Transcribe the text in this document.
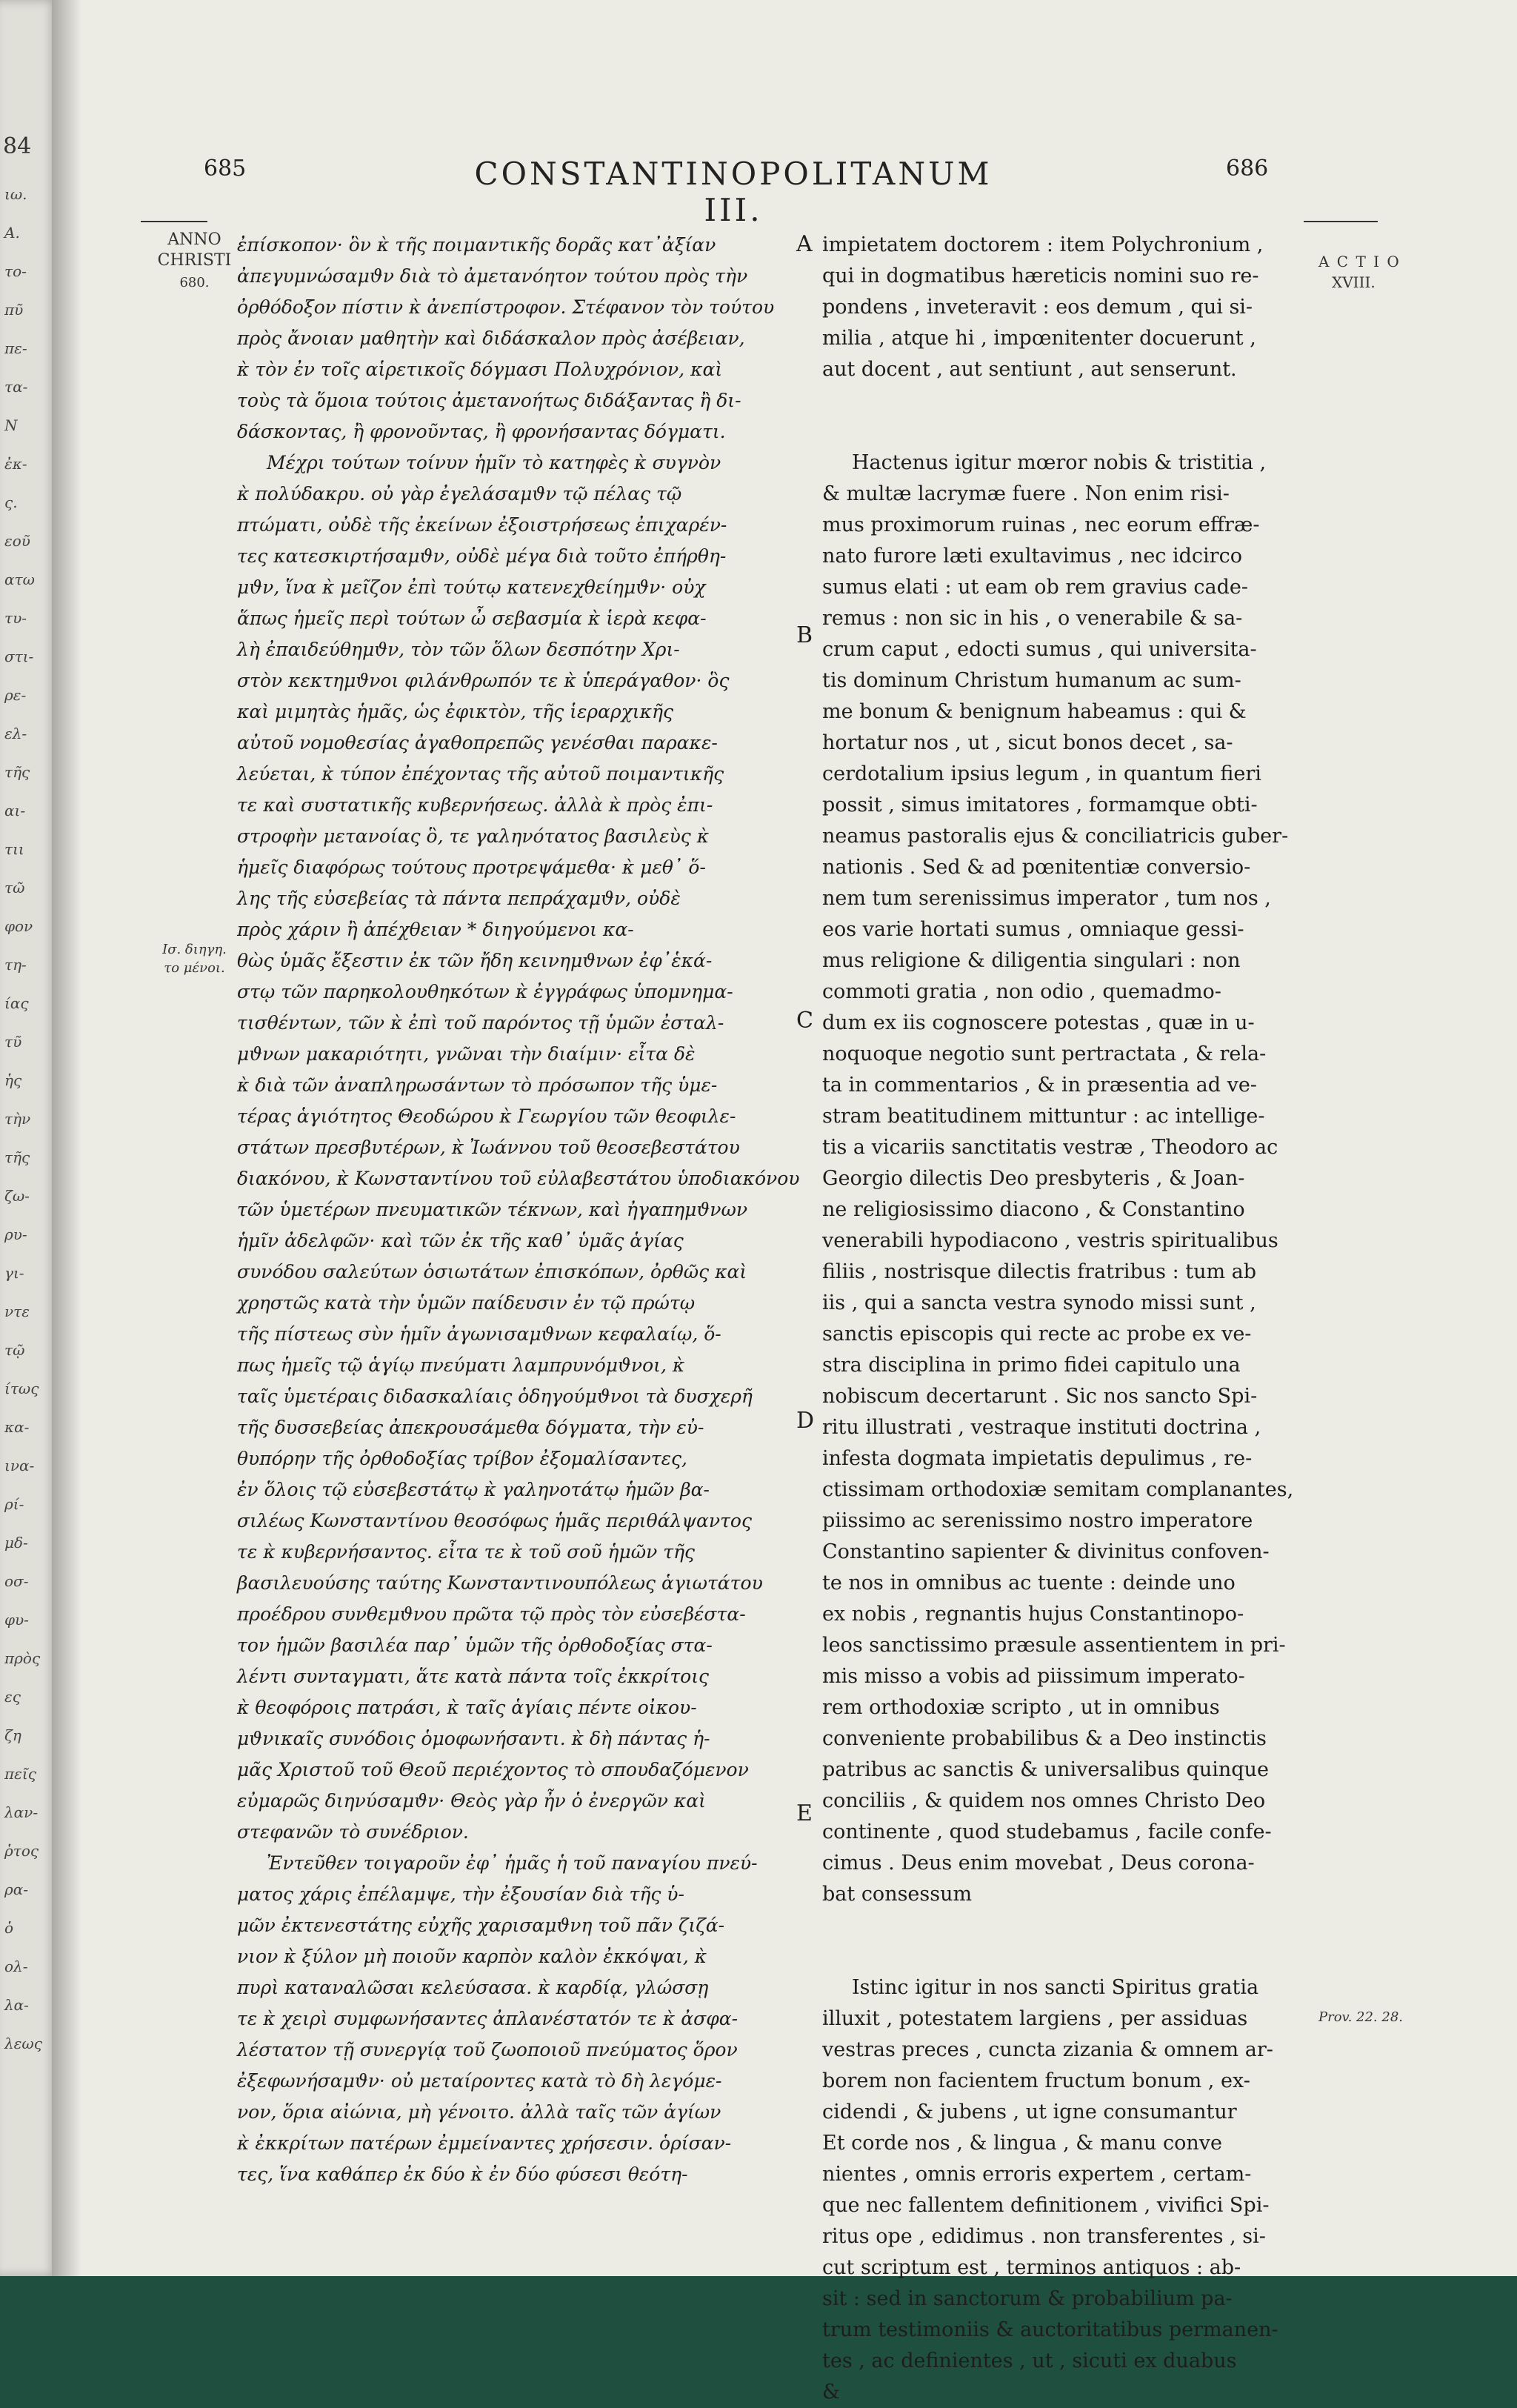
84
ιω.
Α.
το-
πῦ
πε-
τα-
N
ἐκ-
ς.
εοῦ
ατω
τυ-
στι-
ρε-
ελ-
τῆς
αι-
τιι
τῶ
φον
τη-
ίας
τῦ
ἡς
τὴν
τῆς
ζω-
ρυ-
γι-
ντε
τῷ
ίτως
κα-
ινα-
ρί-
μδ-
οσ-
φυ-
πρὸς
ες
ζη
πεῖς
λαν-
ῥτος
ρα-
ὁ
ολ-
λα-
λεως
685	CONSTANTINOPOLITANUM III.
686
ANNO
CHRISTI
680.
A C T I O
XVIII.
Iσ. διηγη.
το μένοι.
Prov. 22. 28.
A
B
C
D
E
ἐπίσκοπον· ὃν κ̀ τῆς ποιμαντικῆς δορᾶς κατ᾽ἀξίαν
ἀπεγυμνώσαμϑν διὰ τὸ ἀμετανόητον τούτου πρὸς τὴν
ὀρθόδοξον πίστιν κ̀ ἀνεπίστροφον. Στέφανον τὸν τούτου
πρὸς ἄνοιαν μαθητὴν καὶ διδάσκαλον πρὸς ἀσέβειαν,
κ̀ τὸν ἐν τοῖς αἱρετικοῖς δόγμασι Πολυχρόνιον, καὶ
τοὺς τὰ ὅμοια τούτοις ἀμετανοήτως διδάξαντας ἢ δι-
δάσκοντας, ἢ φρονοῦντας, ἢ φρονήσαντας δόγματι.
Μέχρι τούτων τοίνυν ἡμῖν τὸ κατηφὲς κ̀ συγνὸν
κ̀ πολύδακρυ. οὐ γὰρ ἐγελάσαμϑν τῷ πέλας τῷ
πτώματι, οὐδὲ τῆς ἐκείνων ἐξοιστρήσεως ἐπιχαρέν-
τες κατεσκιρτήσαμϑν, οὐδὲ μέγα διὰ τοῦτο ἐπήρθη-
μϑν, ἵνα κ̀ μεῖζον ἐπὶ τούτῳ κατενεχθείημϑν· οὐχ
ἅπως ἡμεῖς περὶ τούτων ὦ σεβασμία κ̀ ἱερὰ κεφα-
λὴ ἐπαιδεύθημϑν, τὸν τῶν ὅλων δεσπότην Χρι-
στὸν κεκτημϑνοι φιλάνθρωπόν τε κ̀ ὑπεράγαθον· ὃς
καὶ μιμητὰς ἡμᾶς, ὡς ἐφικτὸν, τῆς ἱεραρχικῆς
αὐτοῦ νομοθεσίας ἀγαθοπρεπῶς γενέσθαι παρακε-
λεύεται, κ̀ τύπον ἐπέχοντας τῆς αὐτοῦ ποιμαντικῆς
τε καὶ συστατικῆς κυβερνήσεως. ἀλλὰ κ̀ πρὸς ἐπι-
στροφὴν μετανοίας ὃ, τε γαληνότατος βασιλεὺς κ̀
ἡμεῖς διαφόρως τούτους προτρεψάμεθα· κ̀ μεθ᾽ ὅ-
λης τῆς εὐσεβείας τὰ πάντα πεπράχαμϑν, οὐδὲ
πρὸς χάριν ἢ ἀπέχθειαν * διηγούμενοι κα-
θὼς ὑμᾶς ἔξεστιν ἐκ τῶν ἤδη κεινημϑνων ἐφ᾽ἑκά-
στῳ τῶν παρηκολουθηκότων κ̀ ἐγγράφως ὑπομνημα-
τισθέντων, τῶν κ̀ ἐπὶ τοῦ παρόντος τῇ ὑμῶν ἐσταλ-
μϑνων μακαριότητι, γνῶναι τὴν διαίμιν· εἶτα δὲ
κ̀ διὰ τῶν ἀναπληρωσάντων τὸ πρόσωπον τῆς ὑμε-
τέρας ἁγιότητος Θεοδώρου κ̀ Γεωργίου τῶν θεοφιλε-
στάτων πρεσβυτέρων, κ̀ Ἰωάννου τοῦ θεοσεβεστάτου
διακόνου, κ̀ Κωνσταντίνου τοῦ εὐλαβεστάτου ὑποδιακόνου
τῶν ὑμετέρων πνευματικῶν τέκνων, καὶ ἠγαπημϑνων
ἡμῖν ἀδελφῶν· καὶ τῶν ἐκ τῆς καθ᾽ ὑμᾶς ἁγίας
συνόδου σαλεύτων ὁσιωτάτων ἐπισκόπων, ὀρθῶς καὶ
χρηστῶς κατὰ τὴν ὑμῶν παίδευσιν ἐν τῷ πρώτῳ
τῆς πίστεως σὺν ἡμῖν ἀγωνισαμϑνων κεφαλαίῳ, ὅ-
πως ἡμεῖς τῷ ἁγίῳ πνεύματι λαμπρυνόμϑνοι, κ̀
ταῖς ὑμετέραις διδασκαλίαις ὁδηγούμϑνοι τὰ δυσχερῆ
τῆς δυσσεβείας ἀπεκρουσάμεθα δόγματα, τὴν εὐ-
θυπόρην τῆς ὀρθοδοξίας τρίβον ἐξομαλίσαντες,
ἐν ὅλοις τῷ εὐσεβεστάτῳ κ̀ γαληνοτάτῳ ἡμῶν βα-
σιλέως Κωνσταντίνου θεοσόφως ἡμᾶς περιθάλψαντος
τε κ̀ κυβερνήσαντος. εἶτα τε κ̀ τοῦ σοῦ ἡμῶν τῆς
βασιλευούσης ταύτης Κωνσταντινουπόλεως ἁγιωτάτου
προέδρου συνθεμϑνου πρῶτα τῷ πρὸς τὸν εὐσεβέστα-
τον ἡμῶν βασιλέα παρ᾽ ὑμῶν τῆς ὀρθοδοξίας στα-
λέντι συνταγματι, ἅτε κατὰ πάντα τοῖς ἐκκρίτοις
κ̀ θεοφόροις πατράσι, κ̀ ταῖς ἁγίαις πέντε οἰκου-
μϑνικαῖς συνόδοις ὁμοφωνήσαντι. κ̀ δὴ πάντας ἡ-
μᾶς Χριστοῦ τοῦ Θεοῦ περιέχοντος τὸ σπουδαζόμενον
εὐμαρῶς διηνύσαμϑν· Θεὸς γὰρ ἦν ὁ ἐνεργῶν καὶ
στεφανῶν τὸ συνέδριον.
Ἐντεῦθεν τοιγαροῦν ἐφ᾽ ἡμᾶς ἡ τοῦ παναγίου πνεύ-
ματος χάρις ἐπέλαμψε, τὴν ἐξουσίαν διὰ τῆς ὑ-
μῶν ἐκτενεστάτης εὐχῆς χαρισαμϑνη τοῦ πᾶν ζιζά-
νιον κ̀ ξύλον μὴ ποιοῦν καρπὸν καλὸν ἐκκόψαι, κ̀
πυρὶ καταναλῶσαι κελεύσασα. κ̀ καρδίᾳ, γλώσσῃ
τε κ̀ χειρὶ συμφωνήσαντες ἀπλανέστατόν τε κ̀ ἀσφα-
λέστατον τῇ συνεργίᾳ τοῦ ζωοποιοῦ πνεύματος ὅρον
ἐξεφωνήσαμϑν· οὐ μεταίροντες κατὰ τὸ δὴ λεγόμε-
νον, ὅρια αἰώνια, μὴ γένοιτο. ἀλλὰ ταῖς τῶν ἁγίων
κ̀ ἐκκρίτων πατέρων ἐμμείναντες χρήσεσιν. ὁρίσαν-
τες, ἵνα καθάπερ ἐκ δύο κ̀ ἐν δύο φύσεσι θεότη-
impietatem doctorem : item Polychronium ,
qui in dogmatibus hæreticis nomini suo re-
pondens , inveteravit : eos demum , qui si-
milia , atque hi , impœnitenter docuerunt ,
aut docent , aut sentiunt , aut senserunt.
Hactenus igitur mœror nobis & tristitia ,
& multæ lacrymæ fuere . Non enim risi-
mus proximorum ruinas , nec eorum effræ-
nato furore læti exultavimus , nec idcirco
sumus elati : ut eam ob rem gravius cade-
remus : non sic in his , o venerabile & sa-
crum caput , edocti sumus , qui universita-
tis dominum Christum humanum ac sum-
me bonum & benignum habeamus : qui &
hortatur nos , ut , sicut bonos decet , sa-
cerdotalium ipsius legum , in quantum fieri
possit , simus imitatores , formamque obti-
neamus pastoralis ejus & conciliatricis guber-
nationis . Sed & ad pœnitentiæ conversio-
nem tum serenissimus imperator , tum nos ,
eos varie hortati sumus , omniaque gessi-
mus religione & diligentia singulari : non
commoti gratia , non odio , quemadmo-
dum ex iis cognoscere potestas , quæ in u-
noquoque negotio sunt pertractata , & rela-
ta in commentarios , & in præsentia ad ve-
stram beatitudinem mittuntur : ac intellige-
tis a vicariis sanctitatis vestræ , Theodoro ac
Georgio dilectis Deo presbyteris , & Joan-
ne religiosissimo diacono , & Constantino
venerabili hypodiacono , vestris spiritualibus
filiis , nostrisque dilectis fratribus : tum ab
iis , qui a sancta vestra synodo missi sunt ,
sanctis episcopis qui recte ac probe ex ve-
stra disciplina in primo fidei capitulo una
nobiscum decertarunt . Sic nos sancto Spi-
ritu illustrati , vestraque instituti doctrina ,
infesta dogmata impietatis depulimus , re-
ctissimam orthodoxiæ semitam complanantes,
piissimo ac serenissimo nostro imperatore
Constantino sapienter & divinitus confoven-
te nos in omnibus ac tuente : deinde uno
ex nobis , regnantis hujus Constantinopo-
leos sanctissimo præsule assentientem in pri-
mis misso a vobis ad piissimum imperato-
rem orthodoxiæ scripto , ut in omnibus
conveniente probabilibus & a Deo instinctis
patribus ac sanctis & universalibus quinque
conciliis , & quidem nos omnes Christo Deo
continente , quod studebamus , facile confe-
cimus . Deus enim movebat , Deus corona-
bat consessum
Istinc igitur in nos sancti Spiritus gratia
illuxit , potestatem largiens , per assiduas
vestras preces , cuncta zizania & omnem ar-
borem non facientem fructum bonum , ex-
cidendi , & jubens , ut igne consumantur
Et corde nos , & lingua , & manu conve
nientes , omnis erroris expertem , certam-
que nec fallentem definitionem , vivifici Spi-
ritus ope , edidimus . non transferentes , si-
cut scriptum est , terminos antiquos : ab-
sit : sed in sanctorum & probabilium pa-
trum testimoniis & auctoritatibus permanen-
tes , ac definientes , ut , sicuti ex duabus
&
